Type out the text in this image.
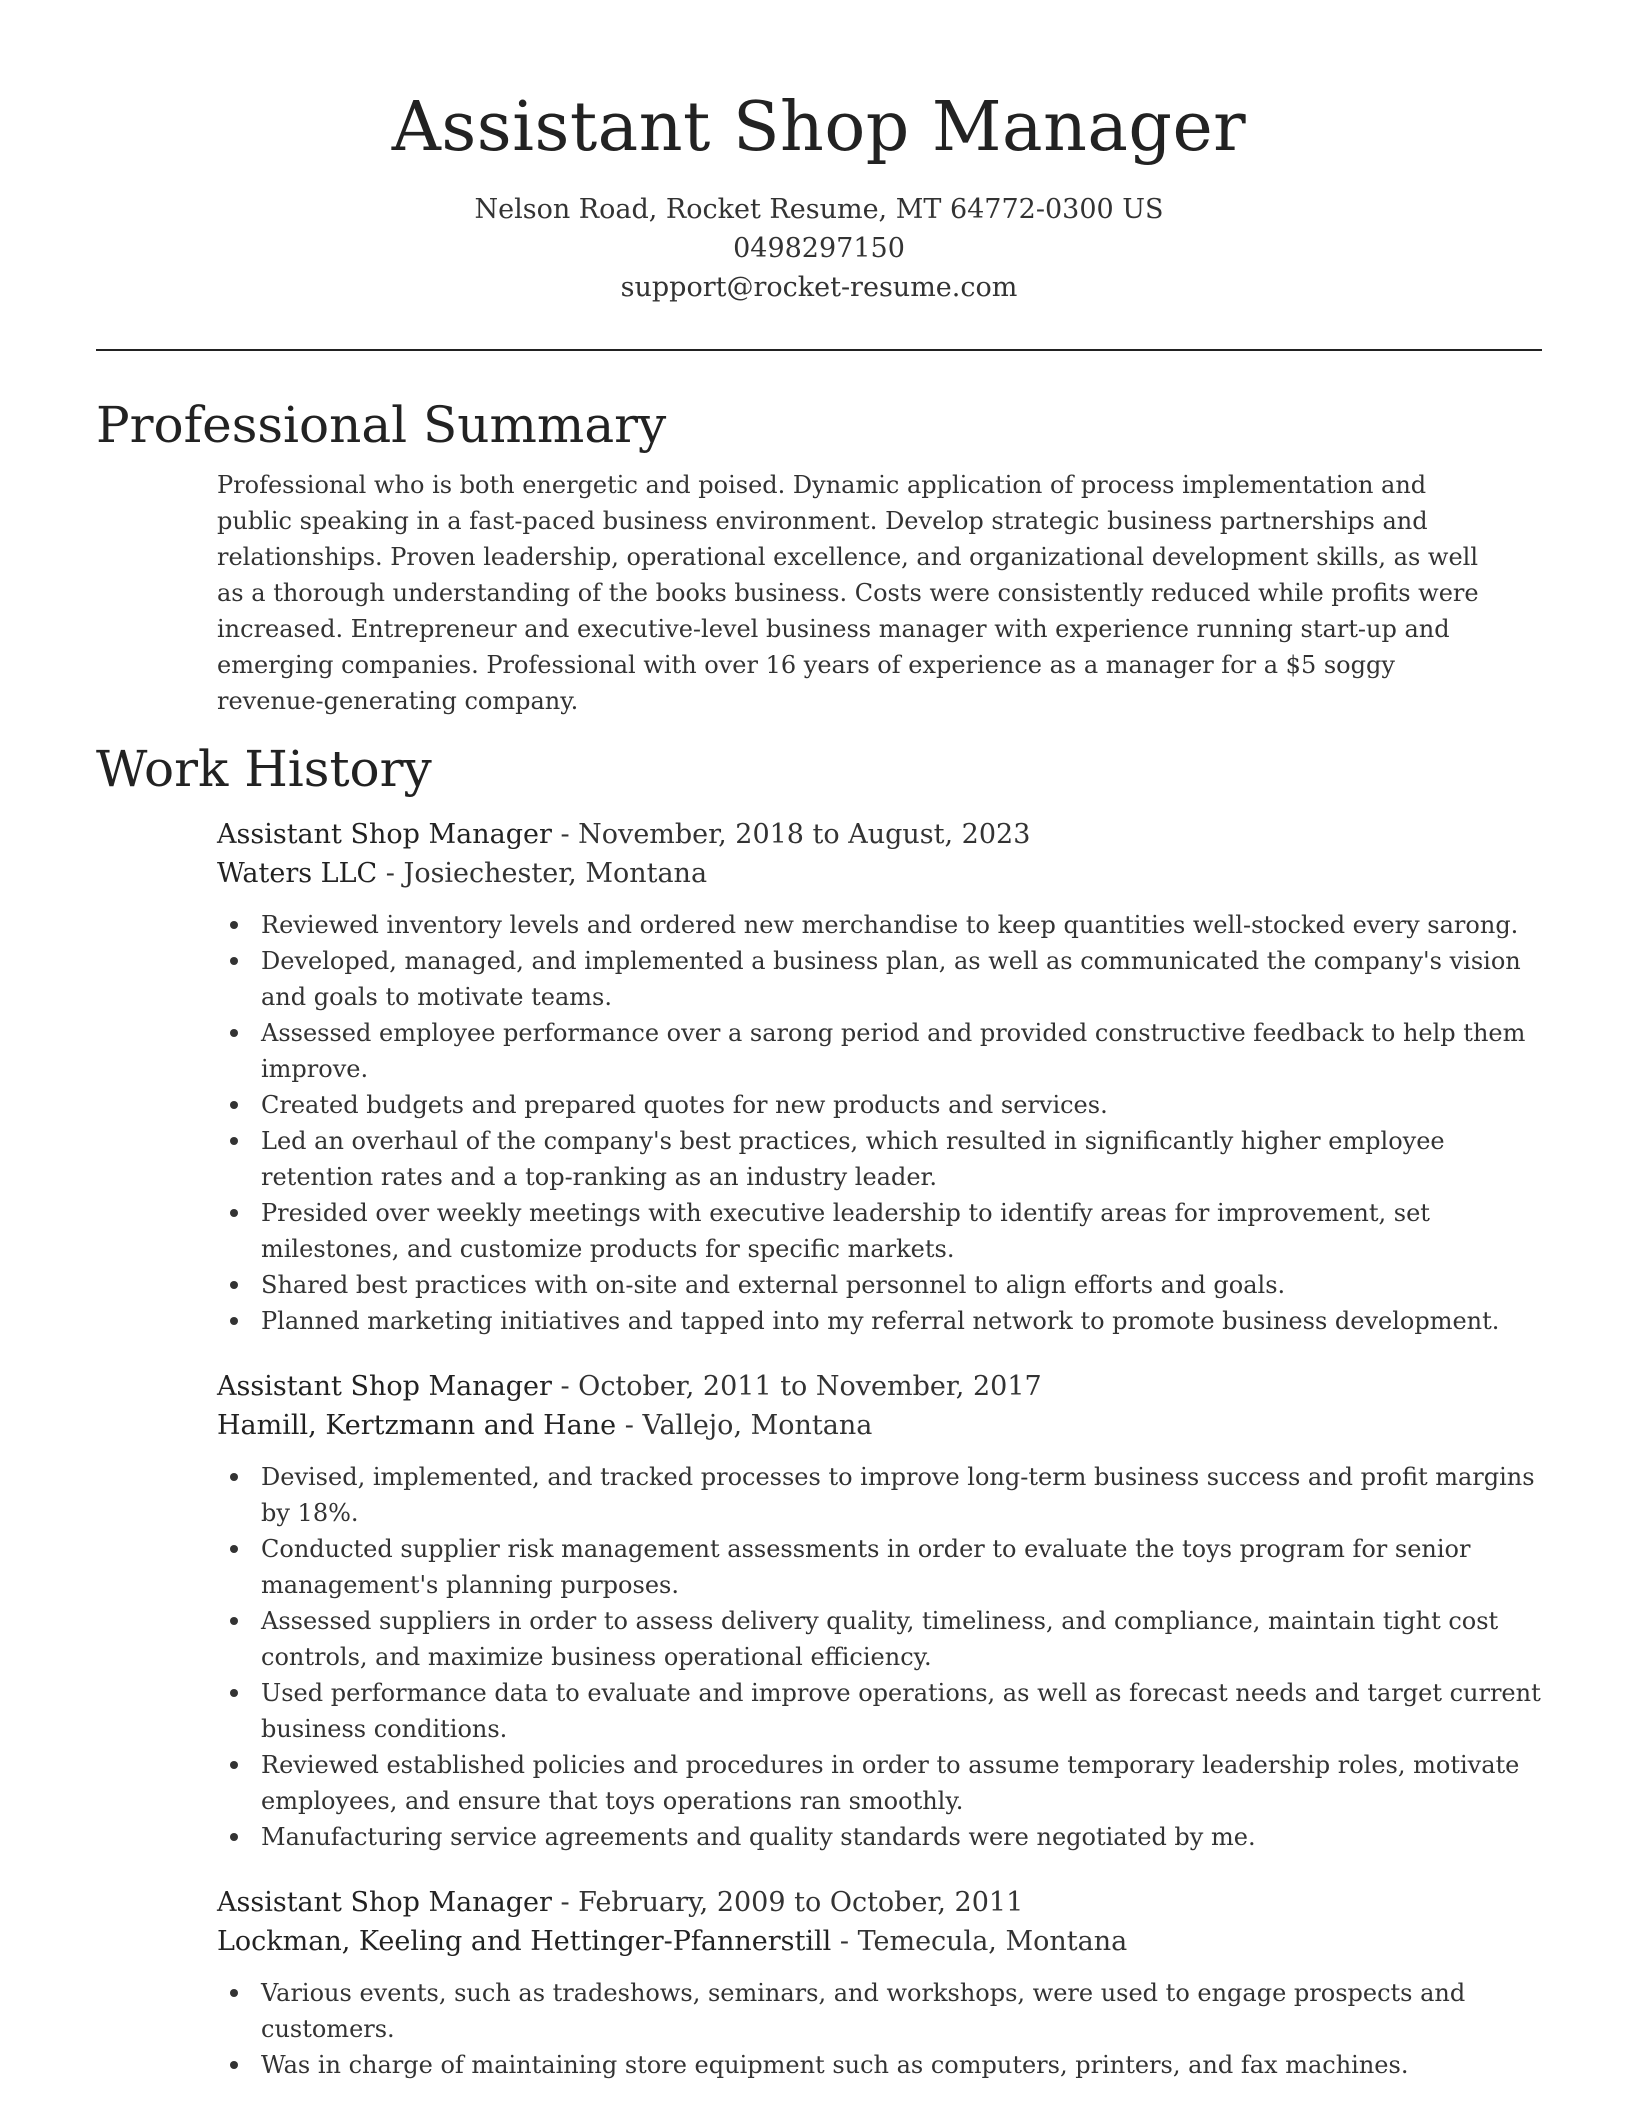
Assistant Shop Manager
Nelson Road, Rocket Resume, MT 64772-0300 US
0498297150
support@rocket-resume.com
Professional Summary

Professional who is both energetic and poised. Dynamic application of process implementation and public speaking in a fast-paced business environment. Develop strategic business partnerships and relationships. Proven leadership, operational excellence, and organizational development skills, as well as a thorough understanding of the books business. Costs were consistently reduced while profits were increased. Entrepreneur and executive-level business manager with experience running start-up and emerging companies. Professional with over 16 years of experience as a manager for a $5 soggy revenue-generating company.

Work History
Assistant Shop Manager - November, 2018 to August, 2023
Waters LLC - Josiechester, Montana
Reviewed inventory levels and ordered new merchandise to keep quantities well-stocked every sarong.
Developed, managed, and implemented a business plan, as well as communicated the company's vision and goals to motivate teams.
Assessed employee performance over a sarong period and provided constructive feedback to help them improve.
Created budgets and prepared quotes for new products and services.
Led an overhaul of the company's best practices, which resulted in significantly higher employee retention rates and a top-ranking as an industry leader.
Presided over weekly meetings with executive leadership to identify areas for improvement, set milestones, and customize products for specific markets.
Shared best practices with on-site and external personnel to align efforts and goals.
Planned marketing initiatives and tapped into my referral network to promote business development.
Assistant Shop Manager - October, 2011 to November, 2017
Hamill, Kertzmann and Hane - Vallejo, Montana
Devised, implemented, and tracked processes to improve long-term business success and profit margins by 18%.
Conducted supplier risk management assessments in order to evaluate the toys program for senior management's planning purposes.
Assessed suppliers in order to assess delivery quality, timeliness, and compliance, maintain tight cost controls, and maximize business operational efficiency.
Used performance data to evaluate and improve operations, as well as forecast needs and target current business conditions.
Reviewed established policies and procedures in order to assume temporary leadership roles, motivate employees, and ensure that toys operations ran smoothly.
Manufacturing service agreements and quality standards were negotiated by me.
Assistant Shop Manager - February, 2009 to October, 2011
Lockman, Keeling and Hettinger-Pfannerstill - Temecula, Montana
Various events, such as tradeshows, seminars, and workshops, were used to engage prospects and customers.
Was in charge of maintaining store equipment such as computers, printers, and fax machines.
